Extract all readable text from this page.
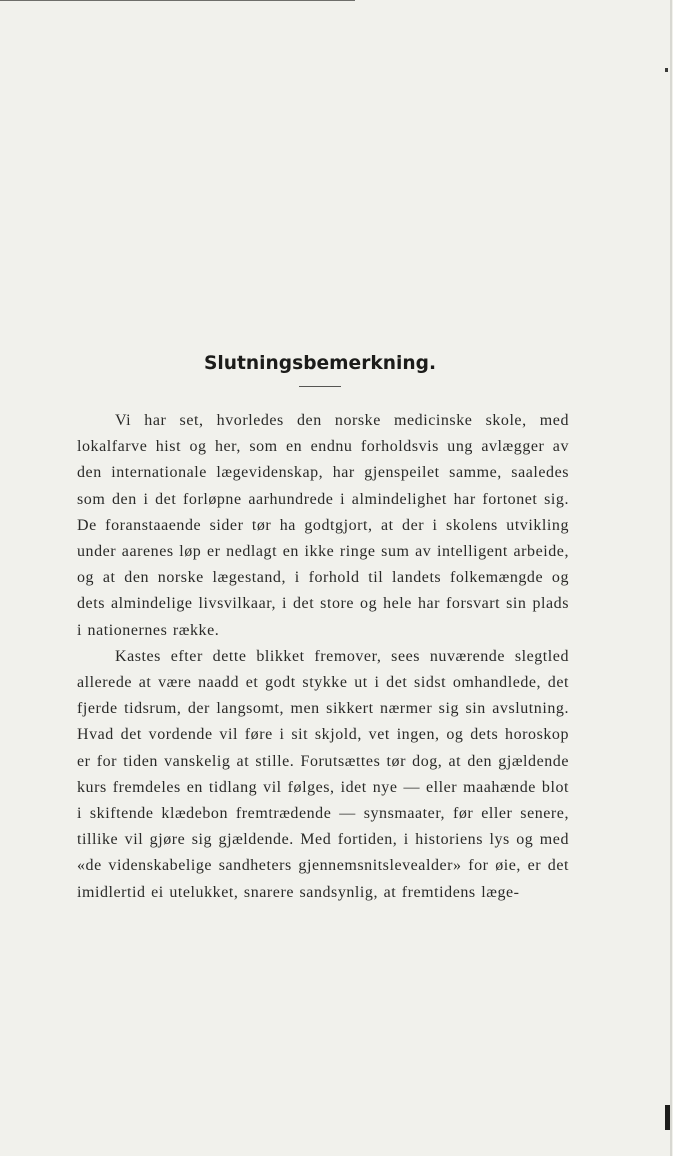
Slutningsbemerkning.

Vi har set, hvorledes den norske medicinske skole, med lokalfarve hist og her, som en endnu forholdsvis ung avlægger av den internationale lægevidenskap, har gjenspeilet samme, saaledes som den i det forløpne aarhundrede i almindelighet har fortonet sig. De foranstaaende sider tør ha godtgjort, at der i skolens utvikling under aarenes løp er nedlagt en ikke ringe sum av intelligent arbeide, og at den norske lægestand, i forhold til landets folkemængde og dets almindelige livsvilkaar, i det store og hele har forsvart sin plads i nationernes række.

Kastes efter dette blikket fremover, sees nuværende slegtled allerede at være naadd et godt stykke ut i det sidst omhandlede, det fjerde tidsrum, der langsomt, men sikkert nærmer sig sin avslutning. Hvad det vordende vil føre i sit skjold, vet ingen, og dets horoskop er for tiden vanskelig at stille. Forutsættes tør dog, at den gjældende kurs fremdeles en tidlang vil følges, idet nye — eller maahænde blot i skiftende klædebon fremtrædende — synsmaater, før eller senere, tillike vil gjøre sig gjældende. Med fortiden, i historiens lys og med «de videnskabelige sandheters gjennemsnitslevealder» for øie, er det imidlertid ei utelukket, snarere sandsynlig, at fremtidens læge-
